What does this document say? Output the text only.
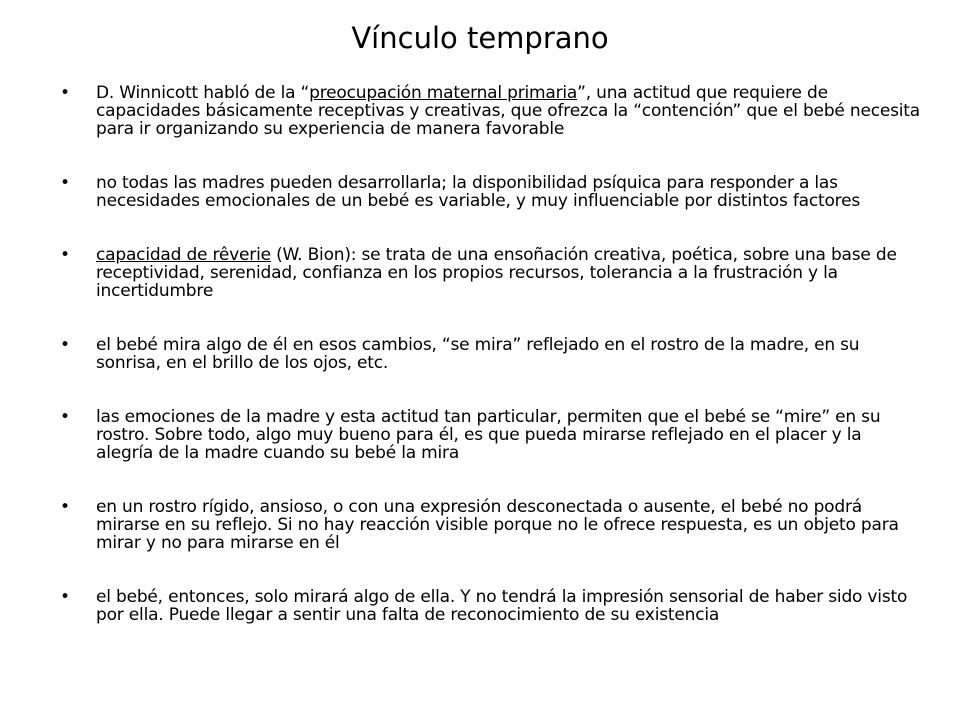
Vínculo temprano
•	D. Winnicott habló de la “preocupación maternal primaria”, una actitud que requiere de capacidades básicamente receptivas y creativas, que ofrezca la “contención” que el bebé necesita para ir organizando su experiencia de manera favorable
•	no todas las madres pueden desarrollarla; la disponibilidad psíquica para responder a las necesidades emocionales de un bebé es variable, y muy influenciable por distintos factores
•	capacidad de rêverie (W. Bion): se trata de una ensoñación creativa, poética, sobre una base de receptividad, serenidad, confianza en los propios recursos, tolerancia a la frustración y la incertidumbre
•	el bebé mira algo de él en esos cambios, “se mira” reflejado en el rostro de la madre, en su sonrisa, en el brillo de los ojos, etc.
•	las emociones de la madre y esta actitud tan particular, permiten que el bebé se “mire” en su rostro. Sobre todo, algo muy bueno para él, es que pueda mirarse reflejado en el placer y la alegría de la madre cuando su bebé la mira
•	en un rostro rígido, ansioso, o con una expresión desconectada o ausente, el bebé no podrá mirarse en su reflejo. Si no hay reacción visible porque no le ofrece respuesta, es un objeto para mirar y no para mirarse en él
•	el bebé, entonces, solo mirará algo de ella. Y no tendrá la impresión sensorial de haber sido visto por ella. Puede llegar a sentir una falta de reconocimiento de su existencia
